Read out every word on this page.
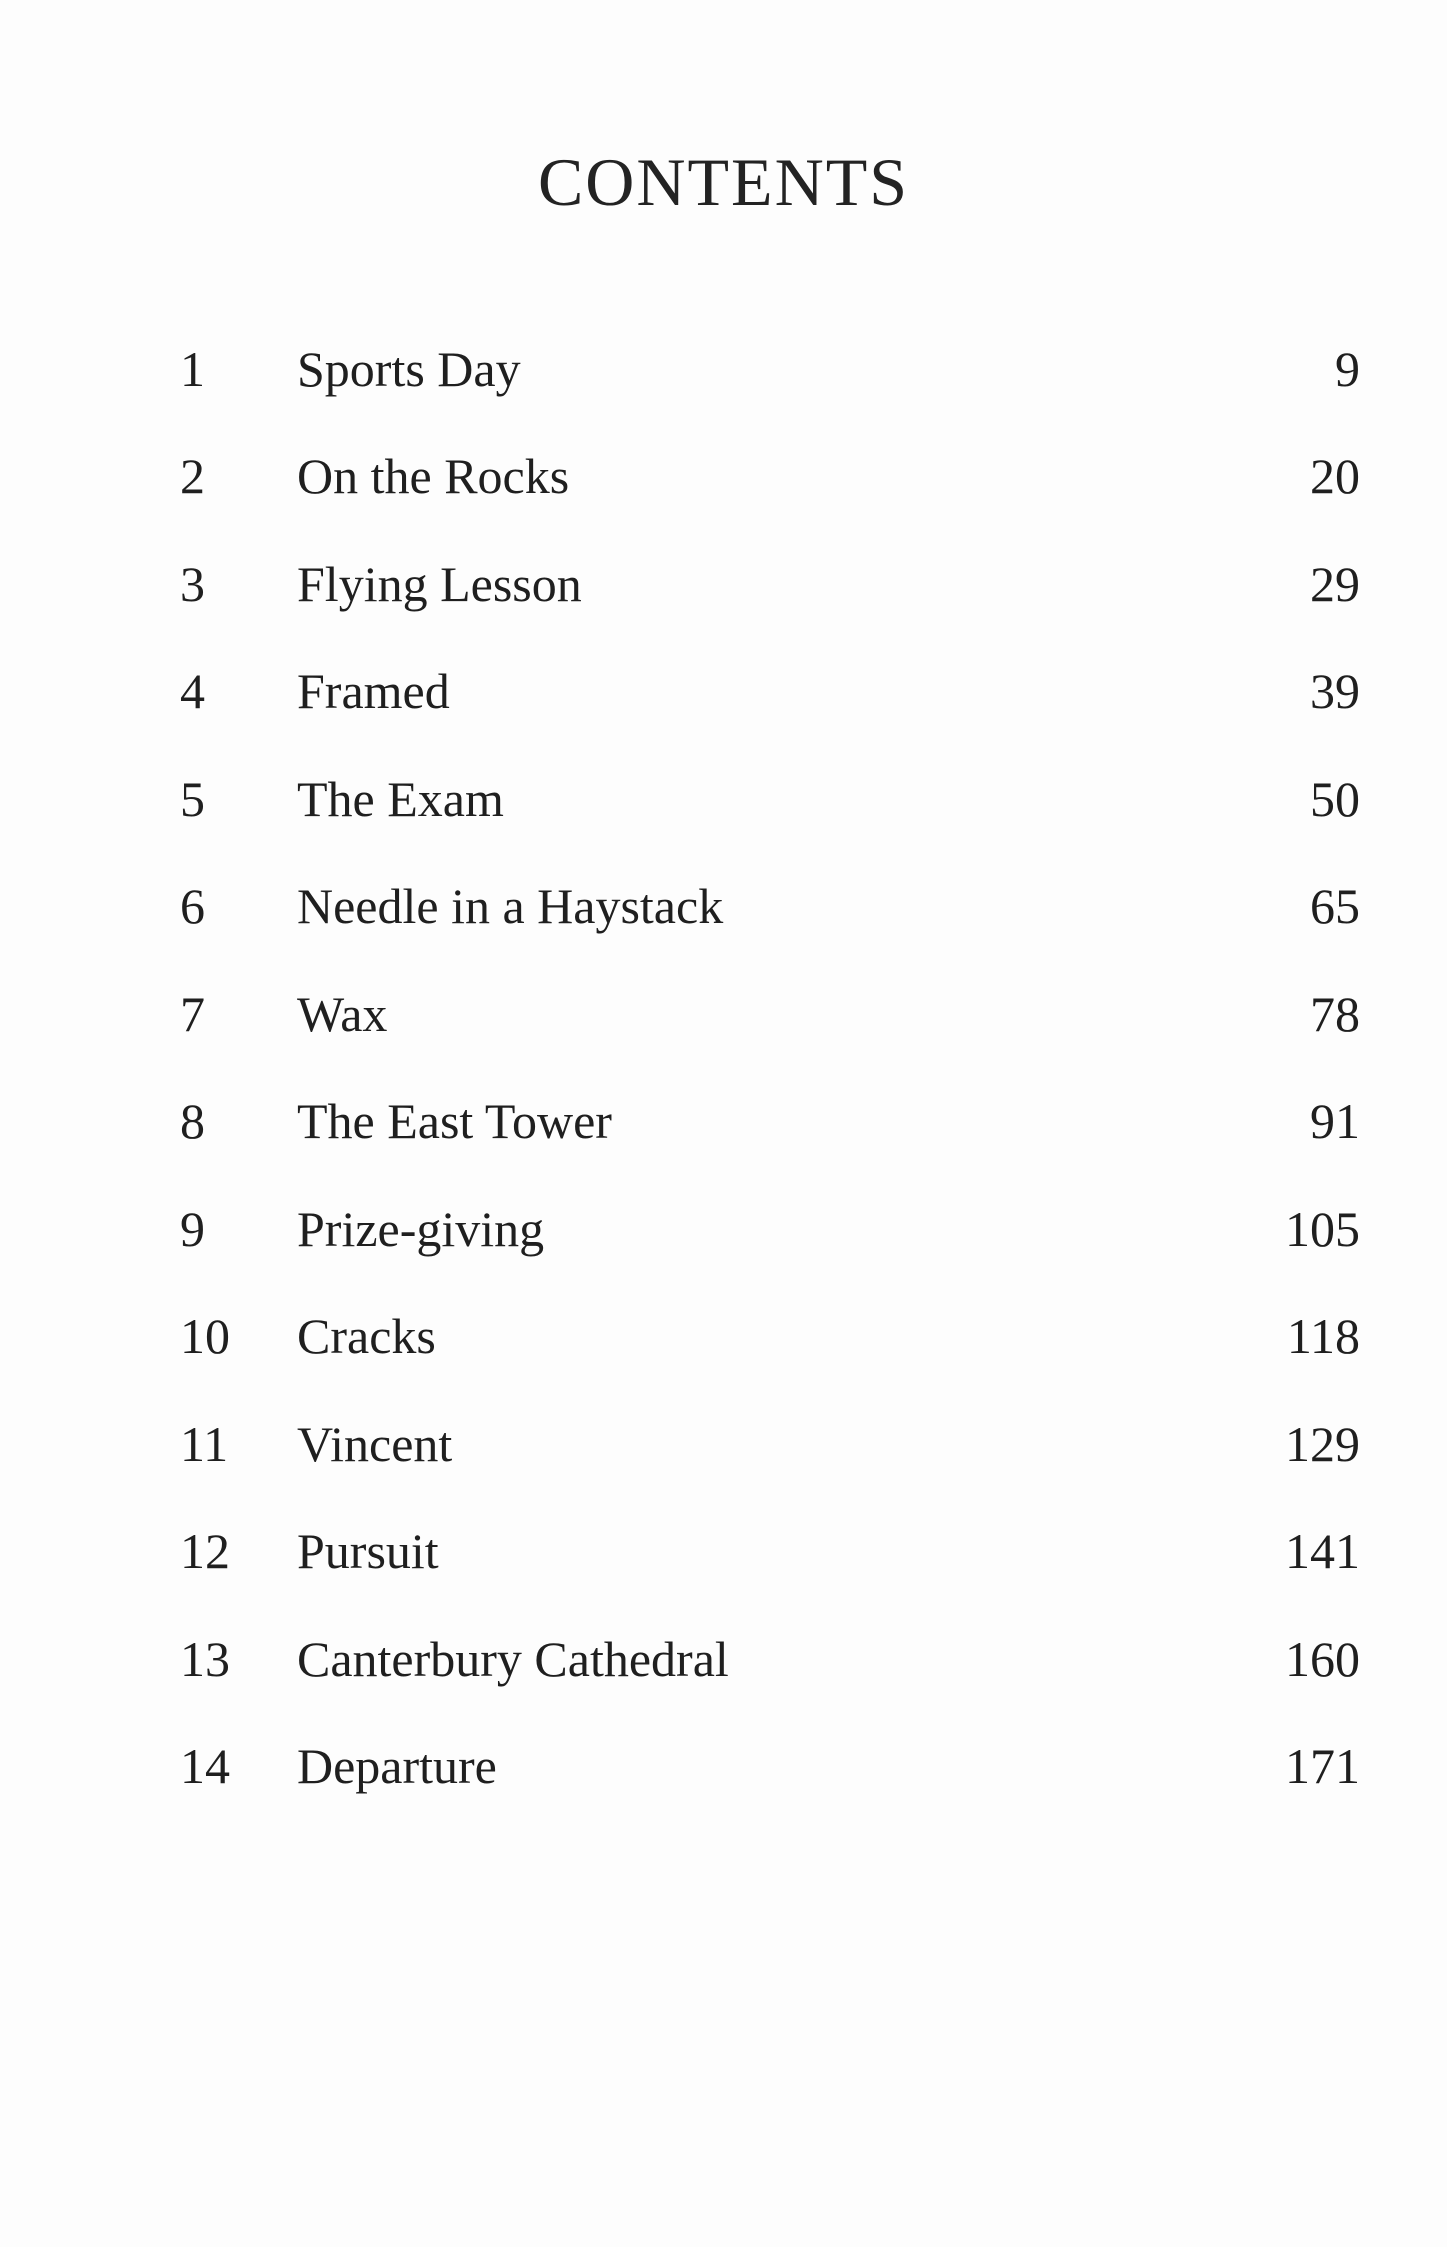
CONTENTS
1 Sports Day	9
2 On the Rocks	20
3 Flying Lesson	29
4 Framed	39
5 The Exam	50
6 Needle in a Haystack	65
7 Wax	78
8 The East Tower	91
9 Prize-giving	105
10 Cracks	118
11 Vincent	129
12 Pursuit	141
13 Canterbury Cathedral	160
14 Departure	171
